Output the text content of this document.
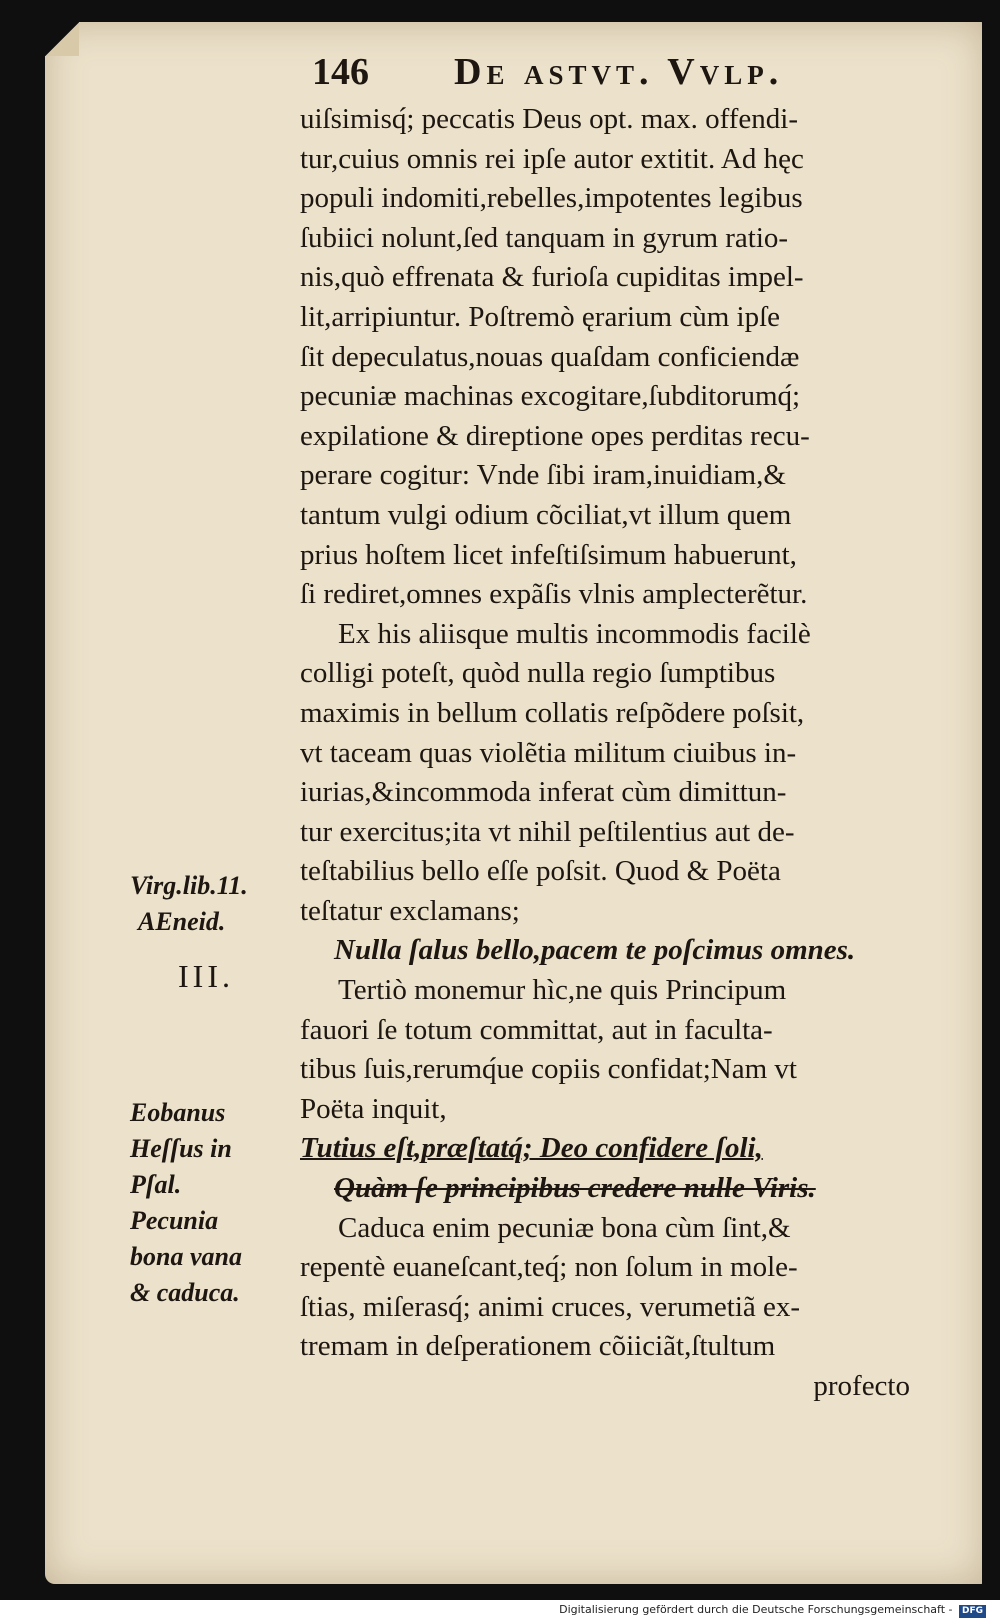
146 De astvt. Vvlp.
uiſsimisq́; peccatis Deus opt. max. offendi-
tur,cuius omnis rei ipſe autor extitit. Ad hęc
populi indomiti,rebelles,impotentes legibus
ſubiici nolunt,ſed tanquam in gyrum ratio-
nis,quò effrenata & furioſa cupiditas impel-
lit,arripiuntur. Poſtremò ęrarium cùm ipſe
ſit depeculatus,nouas quaſdam conficiendæ
pecuniæ machinas excogitare,ſubditorumq́;
expilatione & direptione opes perditas recu-
perare cogitur: Vnde ſibi iram,inuidiam,&
tantum vulgi odium cõciliat,vt illum quem
prius hoſtem licet infeſtiſsimum habuerunt,
ſi rediret,omnes expãſis vlnis ampleсterẽtur.
Ex his aliisque multis incommodis facilè
colligi poteſt, quòd nulla regio ſumptibus
maximis in bellum collatis reſpõdere poſsit,
vt taceam quas violẽtia militum ciuibus in-
iurias,&incommoda inferat cùm dimittun-
tur exercitus;ita vt nihil peſtilentius aut de-
teſtabilius bello eſſe poſsit. Quod & Poëta
teſtatur exclamans;
Nulla ſalus bello,pacem te poſcimus omnes.
Tertiò monemur hìc,ne quis Principum
fauori ſe totum committat, aut in faculta-
tibus ſuis,rerumq́ue copiis confidat;Nam vt
Poëta inquit,
Tutius eſt,præſtatq́; Deo confidere ſoli,
Quàm ſe principibus credere nulle Viris.
Caduca enim pecuniæ bona cùm ſint,&
repentè euaneſcant,teq́; non ſolum in mole-
ſtias, miſerasq́; animi cruces, verumetiã ex-
tremam in deſperationem cõiiciãt,ſtultum
profecto
Virg.lib.11.
AEneid.
Eobanus
Heſſus in
Pſal.
Pecunia
bona vana
& caduca.
III.
Digitalisierung gefördert durch die Deutsche Forschungsgemeinschaft - DFG
